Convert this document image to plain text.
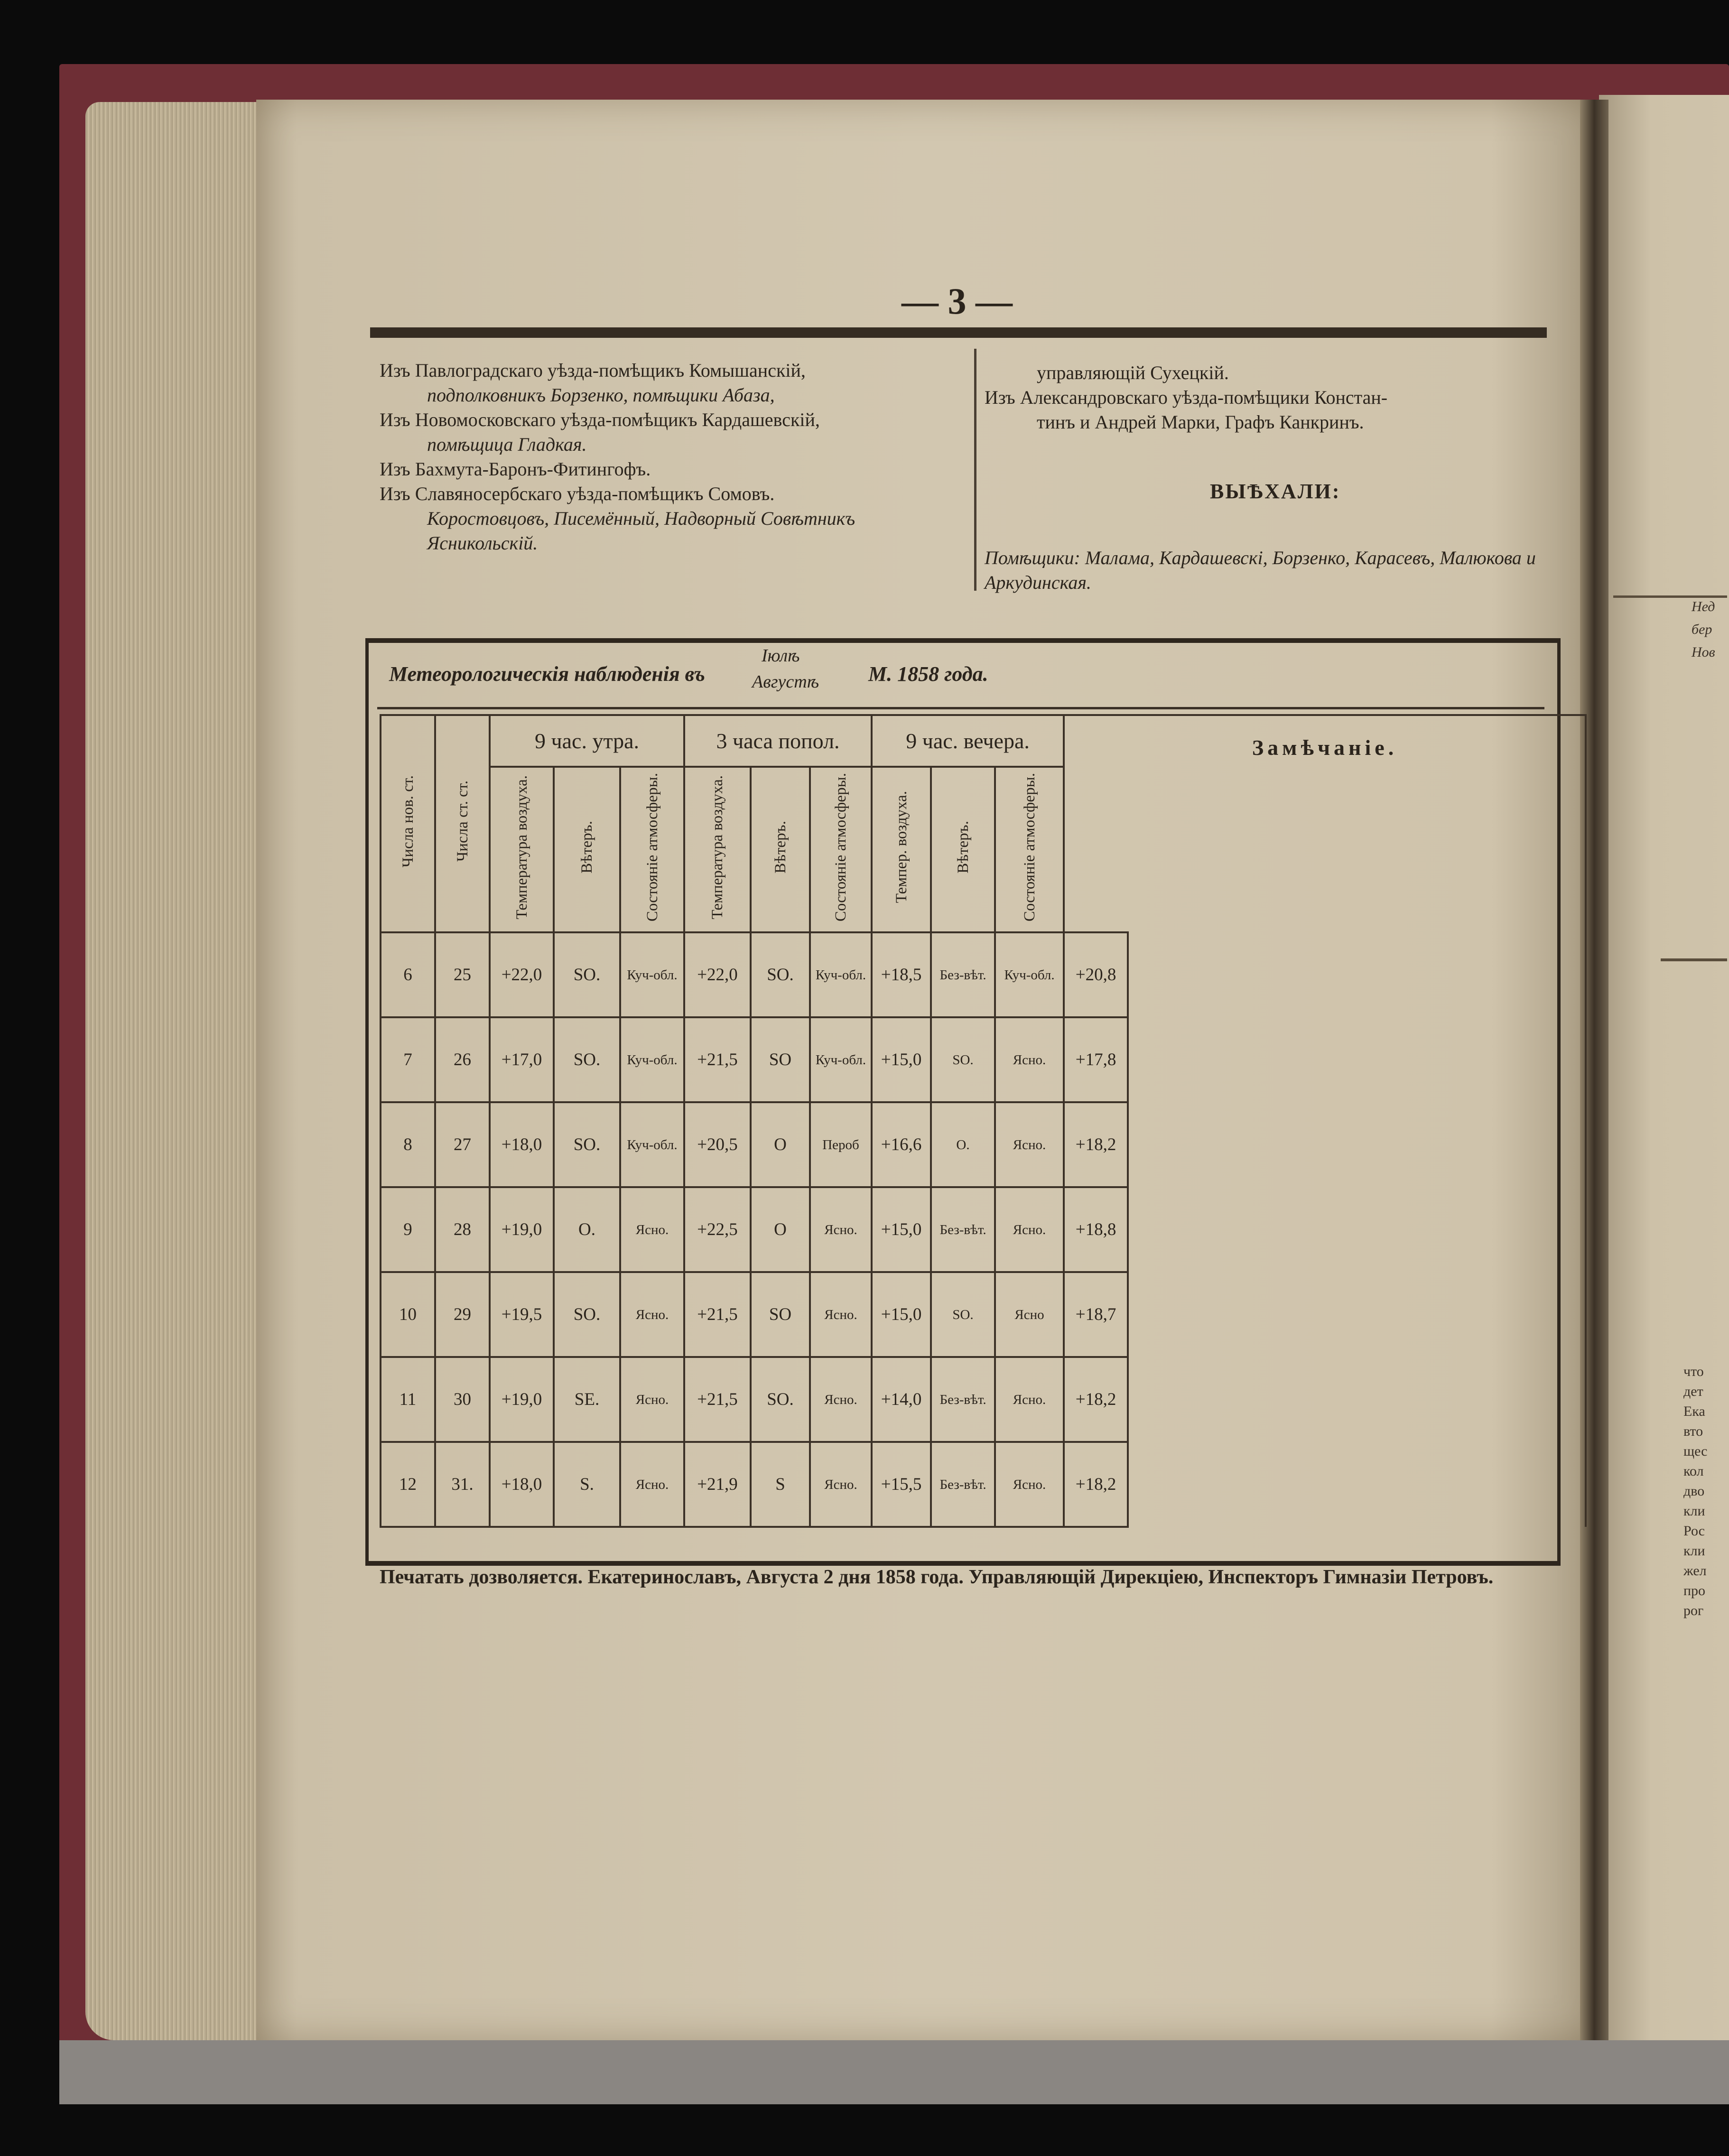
— 3 —
Изъ Павлоградскаго уѣзда-помѣщикъ Комышанскій,
подполковникъ Борзенко, помѣщики Абаза,
Изъ Новомосковскаго уѣзда-помѣщикъ Кардашевскій,
помѣщица Гладкая.
Изъ Бахмута-Баронъ-Фитингофъ.
Изъ Славяносербскаго уѣзда-помѣщикъ Сомовъ.
Коростовцовъ, Писемённый, Надворный Совѣтникъ
Ясникольскій.
управляющій Сухецкій.
Изъ Александровскаго уѣзда-помѣщики Констан-
тинъ и Андрей Марки, Графъ Канкринъ.
ВЫѢХАЛИ:
Помѣщики: Малама, Кардашевскі, Борзенко, Карасевъ, Малюкова и Аркудинская.
Метеорологическія наблюденія въ
Іюлѣ
Августѣ М. 1858 года.
Числа нов. ст.	Числа ст. ст.	9 час. утра.			3 часа попол.			9 час. вечера.			Замѣчаніе.	
		Температура воздуха.	Вѣтеръ.	Состояніе атмосферы.	Температура воздуха.	Вѣтеръ.	Состояніе атмосферы.	Темпер. воздуха.	Вѣтеръ.	Состояніе атмосферы.		
6	25	+22,0	SO.	Куч-обл.	+22,0	SO.	Куч-обл.	+18,5	Без-вѣт.	Куч-обл.	+20,8	
7	26	+17,0	SO.	Куч-обл.	+21,5	SO	Куч-обл.	+15,0	SO.	Ясно.	+17,8	
8	27	+18,0	SO.	Куч-обл.	+20,5	O	Пероб	+16,6	O.	Ясно.	+18,2	
9	28	+19,0	O.	Ясно.	+22,5	O	Ясно.	+15,0	Без-вѣт.	Ясно.	+18,8	
10	29	+19,5	SO.	Ясно.	+21,5	SO	Ясно.	+15,0	SO.	Ясно	+18,7	
11	30	+19,0	SE.	Ясно.	+21,5	SO.	Ясно.	+14,0	Без-вѣт.	Ясно.	+18,2	
12	31.	+18,0	S.	Ясно.	+21,9	S	Ясно.	+15,5	Без-вѣт.	Ясно.	+18,2	
Печатать дозволяется. Екатеринославъ, Августа 2 дня 1858 года. Управляющій Дирекціею, Инспекторъ Гимназіи Петровъ.
Нед
бер
Нов
что
дет
Ека
вто
щес
кол
дво
кли
Рос
кли
жел
про
рог
